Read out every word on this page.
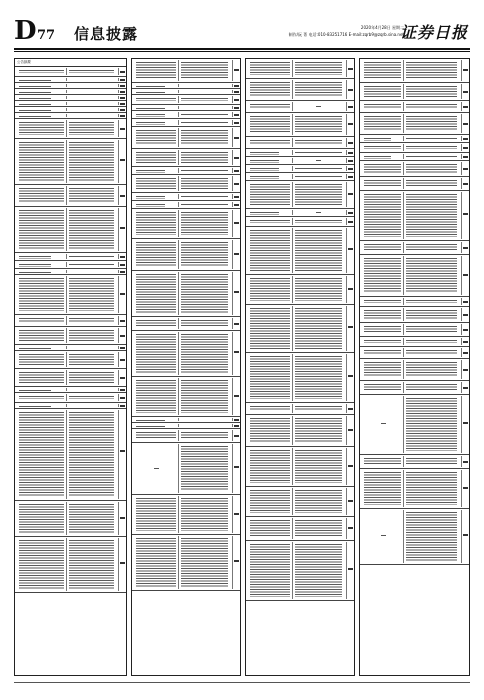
D 77 信息披露	2020年4月28日 星期二
制作/阮 菁 电话:010-83251716 E-mail:zqrb9@zqrb.sina.net
证券日报
公告摘要
